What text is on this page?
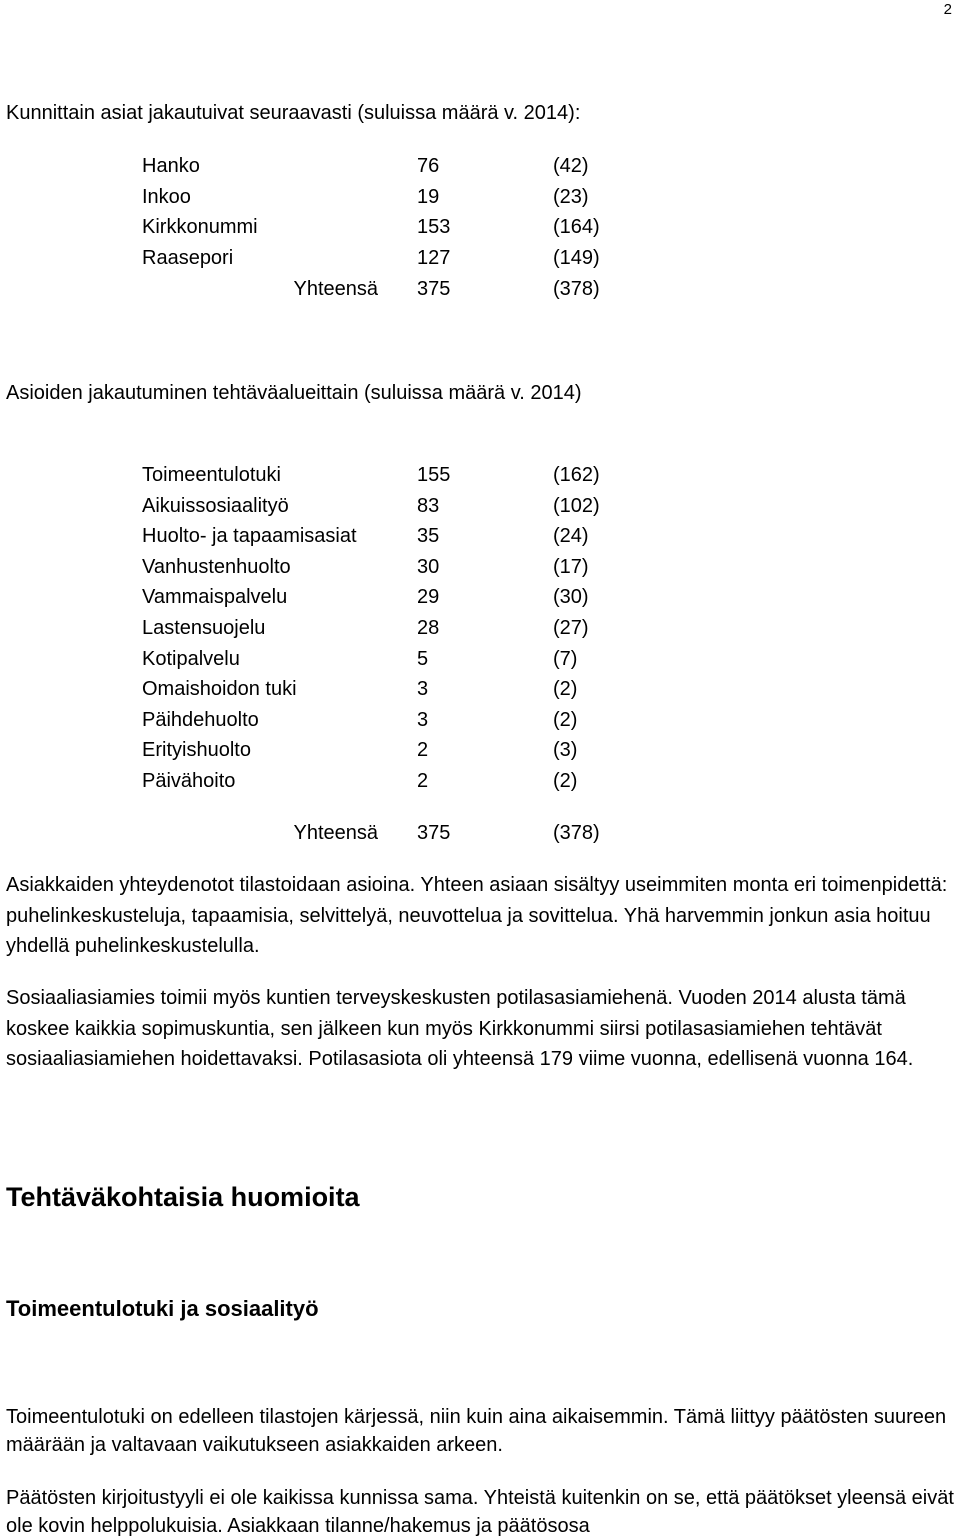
2
Kunnittain asiat jakautuivat seuraavasti (suluissa määrä v. 2014):
Hanko	76	(42)
Inkoo	19	(23)
Kirkkonummi	153	(164)
Raasepori	127	(149)
Yhteensä 375	(378)
Asioiden jakautuminen tehtäväalueittain (suluissa määrä v. 2014)
Toimeentulotuki	155	(162)
Aikuissosiaalityö	83	(102)
Huolto- ja tapaamisasiat	35	(24)
Vanhustenhuolto	30	(17)
Vammaispalvelu	29	(30)
Lastensuojelu	28	(27)
Kotipalvelu	5	(7)
Omaishoidon tuki	3	(2)
Päihdehuolto	3	(2)
Erityishuolto	2	(3)
Päivähoito	2	(2)
Yhteensä 375	(378)

Asiakkaiden yhteydenotot tilastoidaan asioina. Yhteen asiaan sisältyy useimmiten monta eri toimenpidettä: puhelinkeskusteluja, tapaamisia, selvittelyä, neuvottelua ja sovittelua. Yhä harvemmin jonkun asia hoituu yhdellä puhelinkeskustelulla.

Sosiaaliasiamies toimii myös kuntien terveyskeskusten potilasasiamiehenä. Vuoden 2014 alusta tämä koskee kaikkia sopimuskuntia, sen jälkeen kun myös Kirkkonummi siirsi potilasasiamiehen tehtävät sosiaaliasiamiehen hoidettavaksi. Potilasasiota oli yhteensä 179 viime vuonna, edellisenä vuonna 164.

Tehtäväkohtaisia huomioita
Toimeentulotuki ja sosiaalityö

Toimeentulotuki on edelleen tilastojen kärjessä, niin kuin aina aikaisemmin. Tämä liittyy päätösten suureen määrään ja valtavaan vaikutukseen asiakkaiden arkeen.

Päätösten kirjoitustyyli ei ole kaikissa kunnissa sama. Yhteistä kuitenkin on se, että päätökset yleensä eivät ole kovin helppolukuisia. Asiakkaan tilanne/hakemus ja päätösosa
